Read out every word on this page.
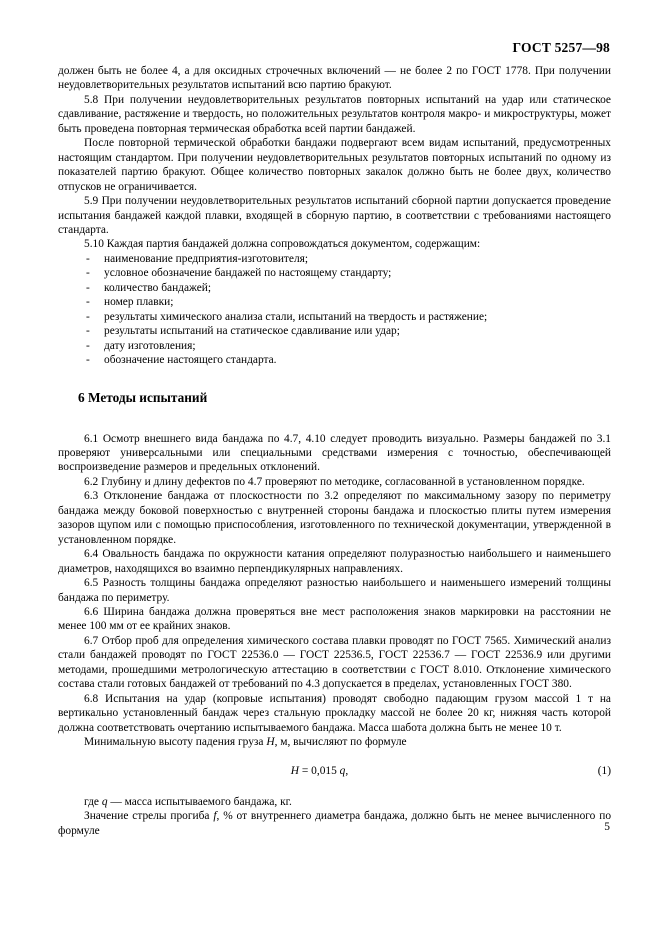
ГОСТ 5257—98

должен быть не более 4, а для оксидных строчечных включений — не более 2 по ГОСТ 1778. При получении неудовлетворительных результатов испытаний всю партию бракуют.

5.8 При получении неудовлетворительных результатов повторных испытаний на удар или статическое сдавливание, растяжение и твердость, но положительных результатов контроля макро- и микроструктуры, может быть проведена повторная термическая обработка всей партии бандажей.

После повторной термической обработки бандажи подвергают всем видам испытаний, предусмотренных настоящим стандартом. При получении неудовлетворительных результатов повторных испытаний по одному из показателей партию бракуют. Общее количество повторных закалок должно быть не более двух, количество отпусков не ограничивается.

5.9 При получении неудовлетворительных результатов испытаний сборной партии допускается проведение испытания бандажей каждой плавки, входящей в сборную партию, в соответствии с требованиями настоящего стандарта.

5.10 Каждая партия бандажей должна сопровождаться документом, содержащим:

- наименование предприятия-изготовителя;
- условное обозначение бандажей по настоящему стандарту;
- количество бандажей;
- номер плавки;
- результаты химического анализа стали, испытаний на твердость и растяжение;
- результаты испытаний на статическое сдавливание или удар;
- дату изготовления;
- обозначение настоящего стандарта.
6 Методы испытаний

6.1 Осмотр внешнего вида бандажа по 4.7, 4.10 следует проводить визуально. Размеры бандажей по 3.1 проверяют универсальными или специальными средствами измерения с точностью, обеспечивающей воспроизведение размеров и предельных отклонений.

6.2 Глубину и длину дефектов по 4.7 проверяют по методике, согласованной в установленном порядке.

6.3 Отклонение бандажа от плоскостности по 3.2 определяют по максимальному зазору по периметру бандажа между боковой поверхностью с внутренней стороны бандажа и плоскостью плиты путем измерения зазоров щупом или с помощью приспособления, изготовленного по технической документации, утвержденной в установленном порядке.

6.4 Овальность бандажа по окружности катания определяют полуразностью наибольшего и наименьшего диаметров, находящихся во взаимно перпендикулярных направлениях.

6.5 Разность толщины бандажа определяют разностью наибольшего и наименьшего измерений толщины бандажа по периметру.

6.6 Ширина бандажа должна проверяться вне мест расположения знаков маркировки на расстоянии не менее 100 мм от ее крайних знаков.

6.7 Отбор проб для определения химического состава плавки проводят по ГОСТ 7565. Химический анализ стали бандажей проводят по ГОСТ 22536.0 — ГОСТ 22536.5, ГОСТ 22536.7 — ГОСТ 22536.9 или другими методами, прошедшими метрологическую аттестацию в соответствии с ГОСТ 8.010. Отклонение химического состава стали готовых бандажей от требований по 4.3 допускается в пределах, установленных ГОСТ 380.

6.8 Испытания на удар (копровые испытания) проводят свободно падающим грузом массой 1 т на вертикально установленный бандаж через стальную прокладку массой не более 20 кг, нижняя часть которой должна соответствовать очертанию испытываемого бандажа. Масса шабота должна быть не менее 10 т.

Минимальную высоту падения груза H, м, вычисляют по формуле

H = 0,015 q,	(1)

где q — масса испытываемого бандажа, кг.

Значение стрелы прогиба f, % от внутреннего диаметра бандажа, должно быть не менее вычисленного по формуле	5
